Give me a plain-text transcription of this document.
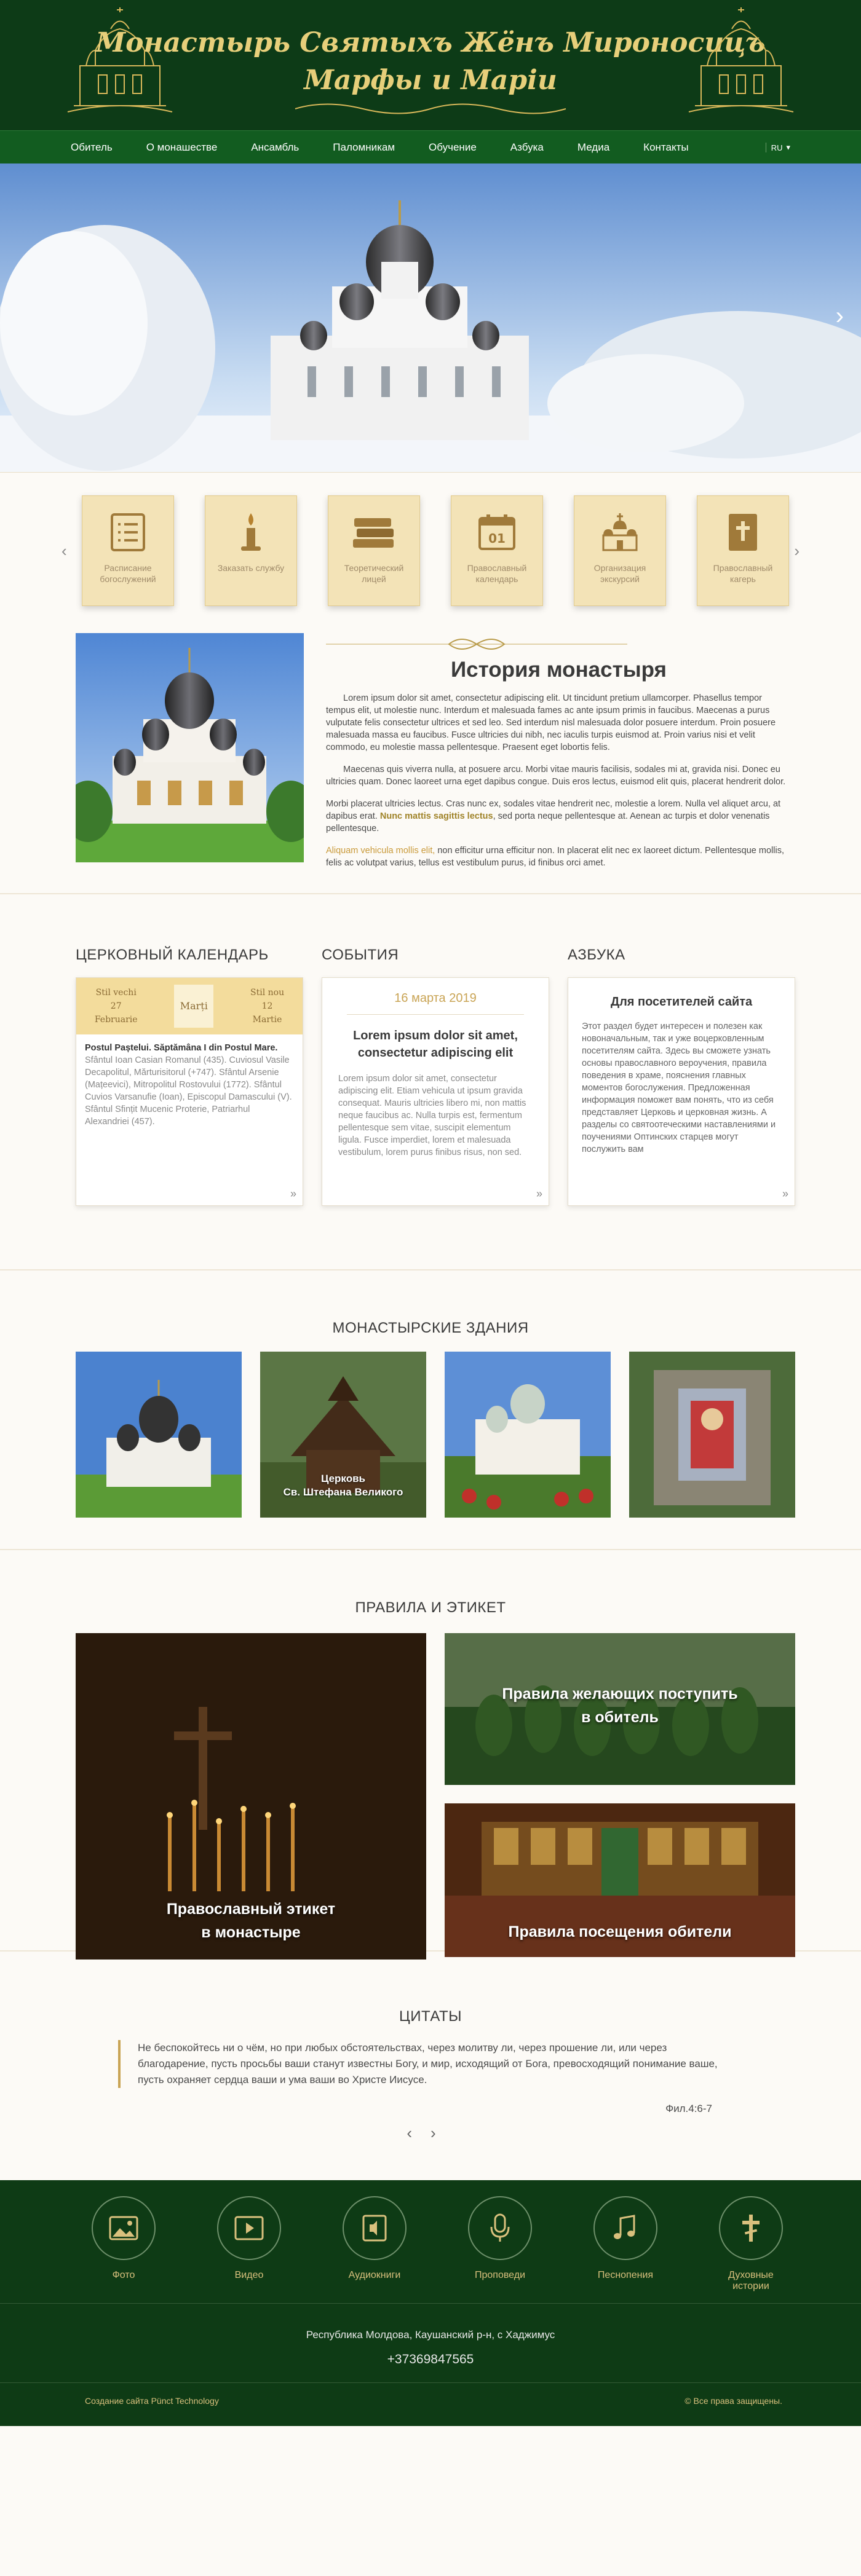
Монастырь Святыхъ Жёнъ Мироносицъ
Марфы и Маріи
Обитель	О монашестве	Ансамбль	Паломникам	Обучение	Азбука	Медиа	Контакты	RU ▾
›
‹
Расписание богослужений
Заказать службу	Теоретический лицей
01
Православный календарь
Организация экскурсий
Православный кагерь
›
История монастыря

Lorem ipsum dolor sit amet, consectetur adipiscing elit. Ut tincidunt pretium ullamcorper. Phasellus tempor tempus elit, ut molestie nunc. Interdum et malesuada fames ac ante ipsum primis in faucibus. Maecenas a purus vulputate felis consectetur ultrices et sed leo. Sed interdum nisl malesuada dolor posuere interdum. Proin posuere malesuada massa eu faucibus. Fusce ultricies dui nibh, nec iaculis turpis euismod at. Proin varius nisi et velit commodo, eu molestie massa pellentesque. Praesent eget lobortis felis.

Maecenas quis viverra nulla, at posuere arcu. Morbi vitae mauris facilisis, sodales mi at, gravida nisi. Donec eu ultricies quam. Donec laoreet urna eget dapibus congue. Duis eros lectus, euismod elit quis, placerat hendrerit dolor.

Morbi placerat ultricies lectus. Cras nunc ex, sodales vitae hendrerit nec, molestie a lorem. Nulla vel aliquet arcu, at dapibus erat. Nunc mattis sagittis lectus, sed porta neque pellentesque at. Aenean ac turpis et dolor venenatis pellentesque.

Aliquam vehicula mollis elit, non efficitur urna efficitur non. In placerat elit nec ex laoreet dictum. Pellentesque mollis, felis ac volutpat varius, tellus est vestibulum purus, id finibus orci amet.

ЦЕРКОВНЫЙ КАЛЕНДАРЬ
Stil vechi
27
Februarie
Marți
Stil nou
12
Martie
Postul Paștelui. Săptămâna I din Postul Mare.
Sfântul Ioan Casian Romanul (435). Cuviosul Vasile Decapolitul, Mărturisitorul (+747). Sfântul Arsenie (Mațeevici), Mitropolitul Rostovului (1772). Sfântul Cuvios Varsanufie (Ioan), Episcopul Damascului (V). Sfântul Sfințit Mucenic Proterie, Patriarhul Alexandriei (457).
»
СОБЫТИЯ
16 марта 2019
Lorem ipsum dolor sit amet, consectetur adipiscing elit
Lorem ipsum dolor sit amet, consectetur adipiscing elit. Etiam vehicula ut ipsum gravida consequat. Mauris ultricies libero mi, non mattis neque faucibus ac. Nulla turpis est, fermentum pellentesque sem vitae, suscipit elementum ligula. Fusce imperdiet, lorem et malesuada vestibulum, lorem purus finibus risus, non sed.
»
АЗБУКА
Для посетителей сайта
Этот раздел будет интересен и полезен как новоначальным, так и уже воцерковленным посетителям сайта. Здесь вы сможете узнать основы православного вероучения, правила поведения в храме, пояснения главных моментов богослужения. Предложенная информация поможет вам понять, что из себя представляет Церковь и церковная жизнь. А разделы со святоотеческими наставлениями и поучениями Оптинских старцев могут послужить вам
»
МОНАСТЫРСКИЕ ЗДАНИЯ
Церковь
Св. Штефана Великого
ПРАВИЛА И ЭТИКЕТ
Православный этикет
в монастыре
Правила желающих поступить
в обитель
Правила посещения обители
ЦИТАТЫ
Не беспокойтесь ни о чём, но при любых обстоятельствах, через молитву ли, через прошение ли, или через благодарение, пусть просьбы ваши станут известны Богу, и мир, исходящий от Бога, превосходящий понимание ваше, пусть охраняет сердца ваши и ума ваши во Христе Иисусе.
Фил.4:6-7
‹›
Фото	Видео	Аудиокниги	Проповеди	Песнопения	Духовные истории
Республика Молдова, Каушанский р-н, с Хаджимус
+37369847565
Создание сайта Pünct Technology	© Все права защищены.
